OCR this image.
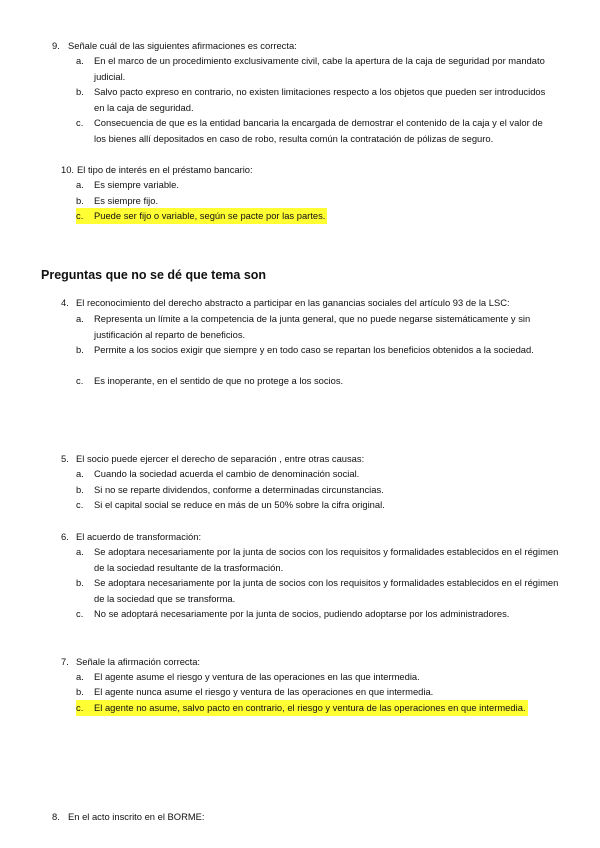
9. Señale cuál de las siguientes afirmaciones es correcta:
a. En el marco de un procedimiento exclusivamente civil, cabe la apertura de la caja de seguridad por mandato judicial.
b. Salvo pacto expreso en contrario, no existen limitaciones respecto a los objetos que pueden ser introducidos en la caja de seguridad.
c. Consecuencia de que es la entidad bancaria la encargada de demostrar el contenido de la caja y el valor de los bienes allí depositados en caso de robo, resulta común la contratación de pólizas de seguro.
10. El tipo de interés en el préstamo bancario:
a. Es siempre variable.
b. Es siempre fijo.
c. Puede ser fijo o variable, según se pacte por las partes.
Preguntas que no se dé que tema son
4. El reconocimiento del derecho abstracto a participar en las ganancias sociales del artículo 93 de la LSC:
a. Representa un límite a la competencia de la junta general, que no puede negarse sistemáticamente y sin justificación al reparto de beneficios.
b. Permite a los socios exigir que siempre y en todo caso se repartan los beneficios obtenidos a la sociedad.
c. Es inoperante, en el sentido de que no protege a los socios.
5. El socio puede ejercer el derecho de separación , entre otras causas:
a. Cuando la sociedad acuerda el cambio de denominación social.
b. Si no se reparte dividendos, conforme a determinadas circunstancias.
c. Si el capital social se reduce en más de un 50% sobre la cifra original.
6. El acuerdo de transformación:
a. Se adoptara necesariamente por la junta de socios con los requisitos y formalidades establecidos en el régimen de la sociedad resultante de la trasformación.
b. Se adoptara necesariamente por la junta de socios con los requisitos y formalidades establecidos en el régimen de la sociedad que se transforma.
c. No se adoptará necesariamente por la junta de socios, pudiendo adoptarse por los administradores.
7. Señale la afirmación correcta:
a. El agente asume el riesgo y ventura de las operaciones en las que intermedia.
b. El agente nunca asume el riesgo y ventura de las operaciones en que intermedia.
c. El agente no asume, salvo pacto en contrario, el riesgo y ventura de las operaciones en que intermedia.
8. En el acto inscrito en el BORME:
